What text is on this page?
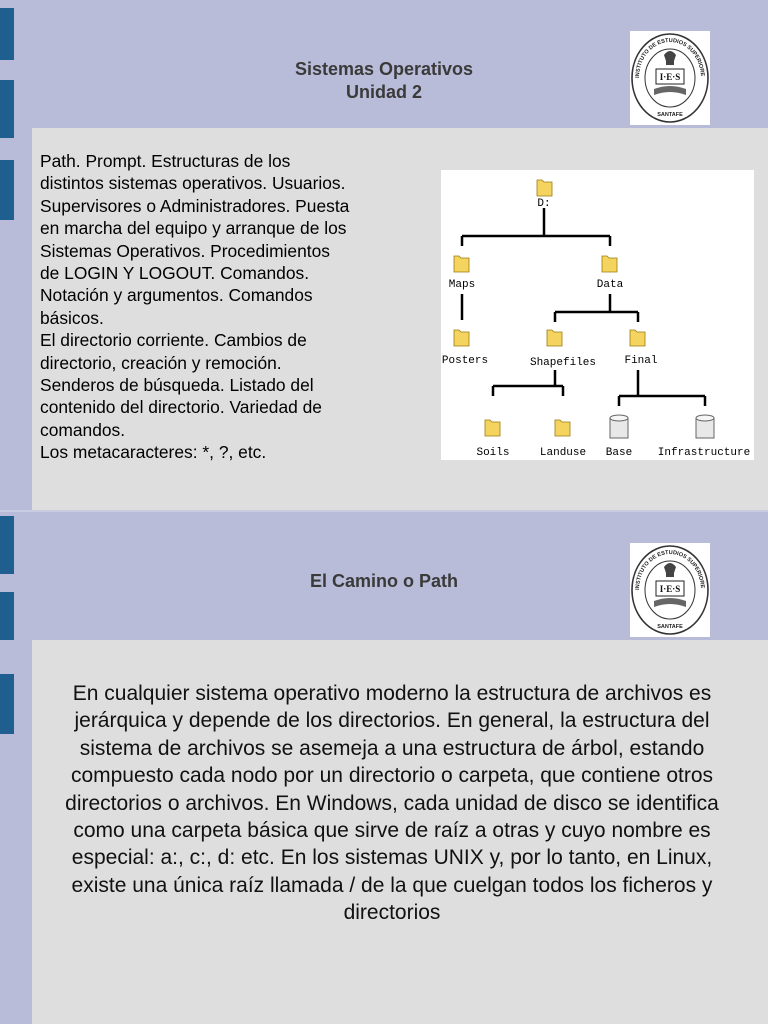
Sistemas Operativos
Unidad 2
INSTITUTO DE ESTUDIOS SUPERIORE
I·E·S
SANTAFE
Path. Prompt. Estructuras de los
distintos sistemas operativos. Usuarios.
Supervisores o Administradores. Puesta
en marcha del equipo y arranque de los
Sistemas Operativos. Procedimientos
de LOGIN Y LOGOUT. Comandos.
Notación y argumentos. Comandos
básicos.
El directorio corriente. Cambios de
directorio, creación y remoción.
Senderos de búsqueda. Listado del
contenido del directorio. Variedad de
comandos.
Los metacaracteres: *, ?, etc.
D:
Maps	Data
Posters	Shapefiles	Final
Soils	Landuse Base Infrastructure
El Camino o Path	INSTITUTO DE ESTUDIOS SUPERIORE
I·E·S
SANTAFE
En cualquier sistema operativo moderno la estructura de archivos es jerárquica y depende de los directorios. En general, la estructura del sistema de archivos se asemeja a una estructura de árbol, estando compuesto cada nodo por un directorio o carpeta, que contiene otros directorios o archivos. En Windows, cada unidad de disco se identifica como una carpeta básica que sirve de raíz a otras y cuyo nombre es especial: a:, c:, d: etc. En los sistemas UNIX y, por lo tanto, en Linux, existe una única raíz llamada / de la que cuelgan todos los ficheros y directorios
